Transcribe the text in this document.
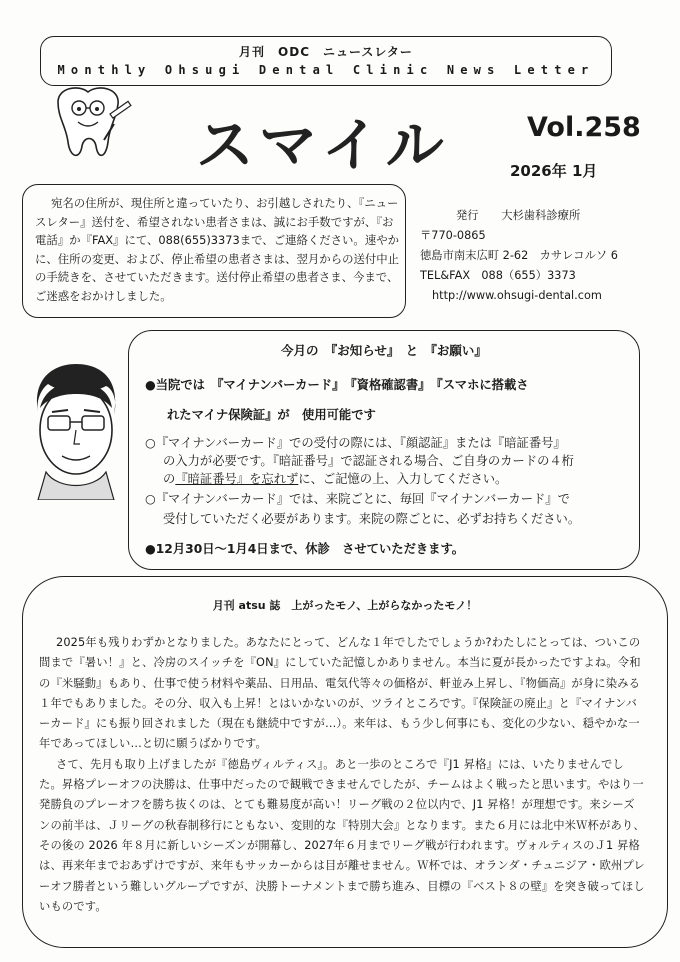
月刊　ODC　ニュースレター
Monthly Ohsugi Dental Clinic News Letter
スマイル	Vol.258
2026年 1月
宛名の住所が、現住所と違っていたり、お引越しされたり、『ニュースレター』送付を、希望されない患者さまは、誠にお手数ですが、『お電話』か『FAX』にて、088(655)3373まで、ご連絡ください。速やかに、住所の変更、および、停止希望の患者さまは、翌月からの送付中止の手続きを、させていただきます。送付停止希望の患者さま、今まで、ご迷惑をおかけしました。
発行　　大杉歯科診療所
〒770-0865
徳島市南末広町 2-62　カサレコルソ 6
TEL&FAX　088（655）3373
http://www.ohsugi-dental.com
今月の　『お知らせ』　と　『お願い』
●当院では　『マイナンバーカード』　『資格確認書』　『スマホに搭載さ
れたマイナ保険証』が　使用可能です
○『マイナンバーカード』での受付の際には、『顔認証』または『暗証番号』
の入力が必要です。『暗証番号』で認証される場合、ご自身のカードの４桁
の『暗証番号』を忘れずに、ご記憶の上、入力してください。
○『マイナンバーカード』では、来院ごとに、毎回『マイナンバーカード』で
受付していただく必要があります。来院の際ごとに、必ずお持ちください。
●12月30日～1月4日まで、休診　させていただきます。
月刊 atsu 誌　上がったモノ、上がらなかったモノ！

2025年も残りわずかとなりました。あなたにとって、どんな１年でしたでしょうか?わたしにとっては、ついこの間まで『暑い！』と、冷房のスイッチを『ON』にしていた記憶しかありません。本当に夏が長かったですよね。令和の『米騒動』もあり、仕事で使う材料や薬品、日用品、電気代等々の価格が、軒並み上昇し、『物価高』が身に染みる１年でもありました。その分、収入も上昇！とはいかないのが、ツライところです。『保険証の廃止』と『マイナンバーカード』にも振り回されました（現在も継続中ですが…）。来年は、もう少し何事にも、変化の少ない、穏やかな一年であってほしい…と切に願うばかりです。

さて、先月も取り上げましたが『徳島ヴィルティス』。あと一歩のところで『J1 昇格』には、いたりませんでした。昇格プレーオフの決勝は、仕事中だったので観戦できませんでしたが、チームはよく戦ったと思います。やはり一発勝負のプレーオフを勝ち抜くのは、とても難易度が高い！リーグ戦の２位以内で、J1 昇格！が理想です。来シーズンの前半は、Ｊリーグの秋春制移行にともない、変則的な『特別大会』となります。また６月には北中米Ｗ杯があり、その後の 2026 年８月に新しいシーズンが開幕し、2027年６月までリーグ戦が行われます。ヴォルティスのＪ1 昇格は、再来年までおあずけですが、来年もサッカーからは目が離せません。Ｗ杯では、オランダ・チュニジア・欧州プレーオフ勝者という難しいグループですが、決勝トーナメントまで勝ち進み、目標の『ベスト８の壁』を突き破ってほしいものです。
